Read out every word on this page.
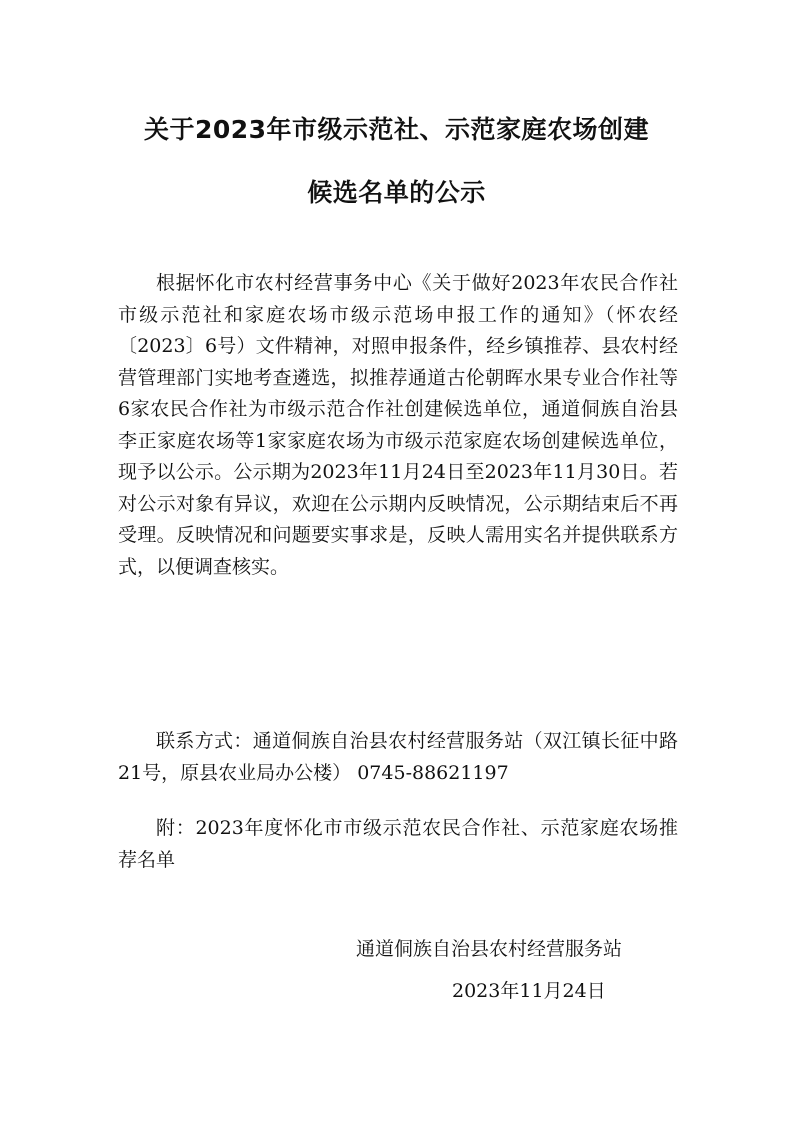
关于2023年市级示范社、示范家庭农场创建
候选名单的公示

根据怀化市农村经营事务中心《关于做好2023年农民合作社市级示范社和家庭农场市级示范场申报工作的通知》（怀农经〔2023〕6号）文件精神，对照申报条件，经乡镇推荐、县农村经营管理部门实地考查遴选，拟推荐通道古伦朝晖水果专业合作社等6家农民合作社为市级示范合作社创建候选单位，通道侗族自治县李正家庭农场等1家家庭农场为市级示范家庭农场创建候选单位，现予以公示。公示期为2023年11月24日至2023年11月30日。若对公示对象有异议，欢迎在公示期内反映情况，公示期结束后不再受理。反映情况和问题要实事求是，反映人需用实名并提供联系方式，以便调查核实。

联系方式：通道侗族自治县农村经营服务站（双江镇长征中路21号，原县农业局办公楼） 0745-88621197

附：2023年度怀化市市级示范农民合作社、示范家庭农场推荐名单

通道侗族自治县农村经营服务站

2023年11月24日
